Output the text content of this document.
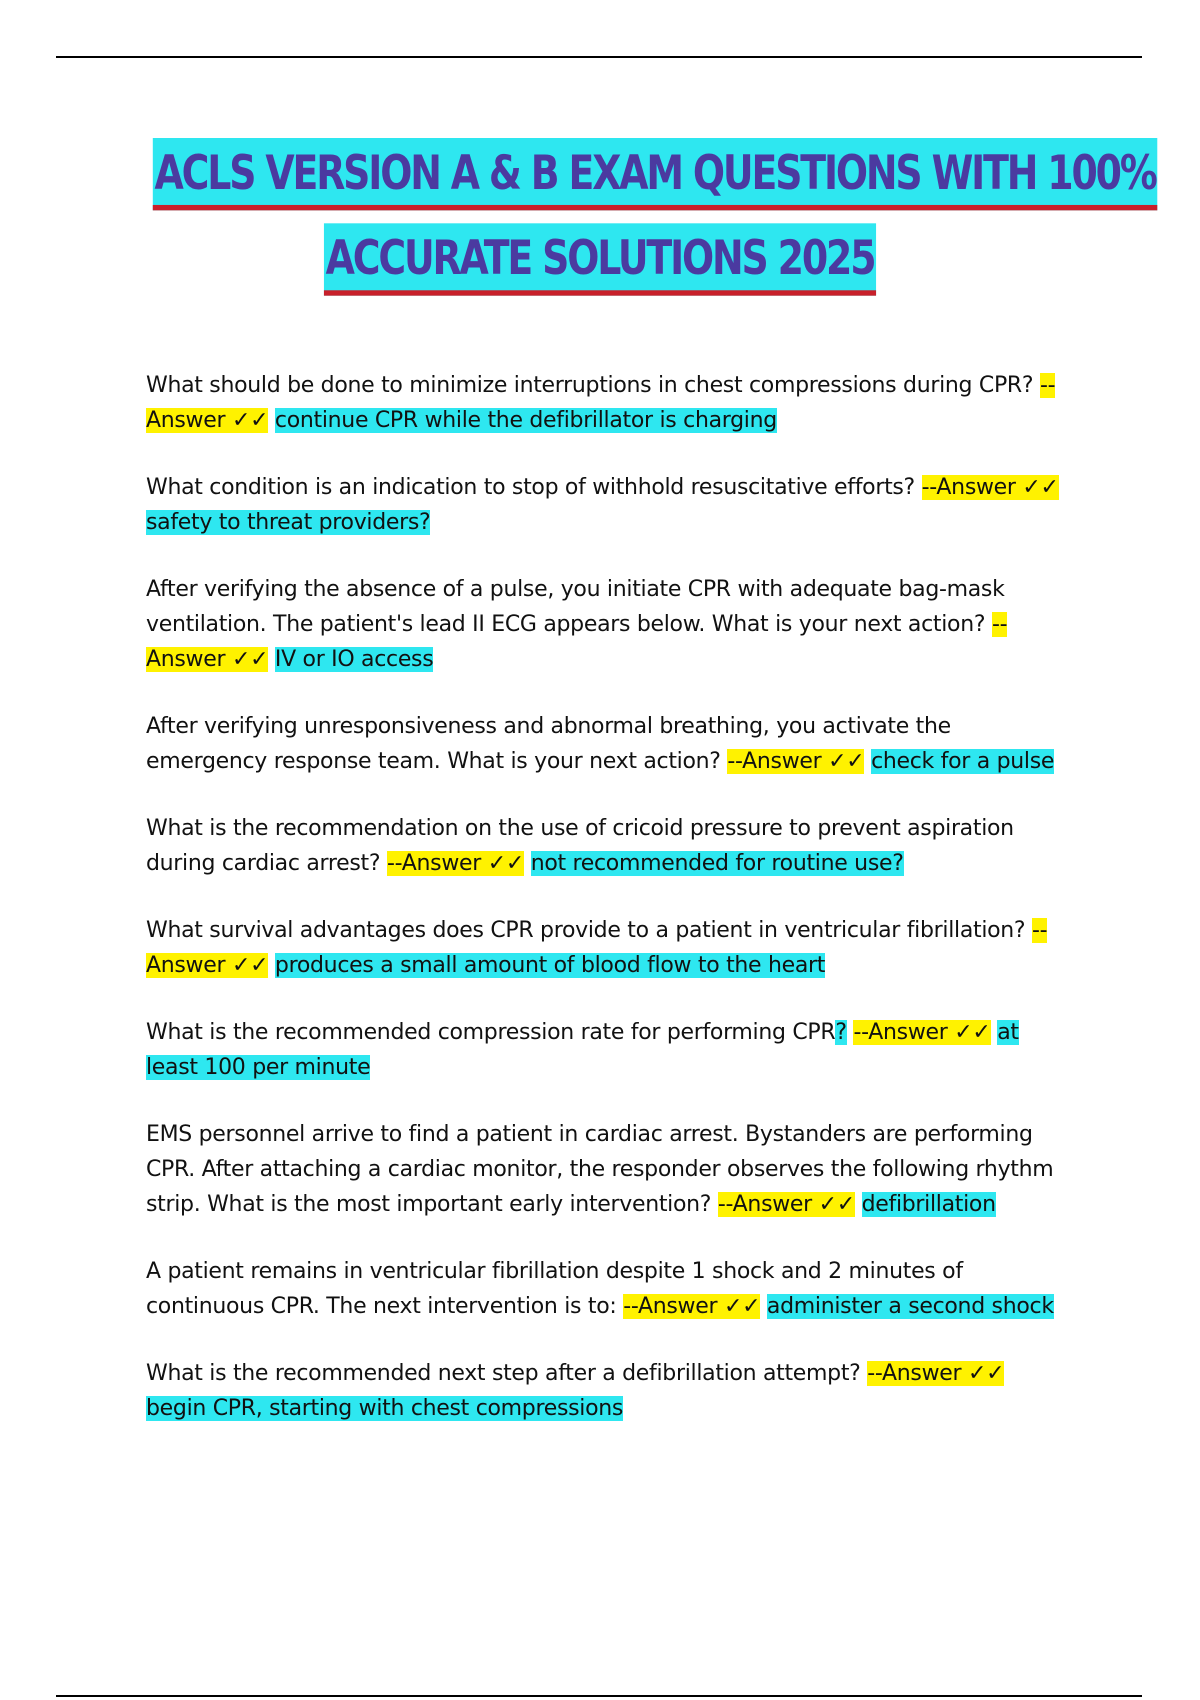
ACLS VERSION A & B EXAM QUESTIONS WITH 100%
ACCURATE SOLUTIONS 2025

What should be done to minimize interruptions in chest compressions during CPR? --Answer ✓✓ continue CPR while the defibrillator is charging

What condition is an indication to stop of withhold resuscitative efforts? --Answer ✓✓ safety to threat providers?

After verifying the absence of a pulse, you initiate CPR with adequate bag-mask ventilation. The patient's lead II ECG appears below. What is your next action? --Answer ✓✓ IV or IO access

After verifying unresponsiveness and abnormal breathing, you activate the emergency response team. What is your next action? --Answer ✓✓ check for a pulse

What is the recommendation on the use of cricoid pressure to prevent aspiration during cardiac arrest? --Answer ✓✓ not recommended for routine use?

What survival advantages does CPR provide to a patient in ventricular fibrillation? --Answer ✓✓ produces a small amount of blood flow to the heart

What is the recommended compression rate for performing CPR? --Answer ✓✓ at least 100 per minute

EMS personnel arrive to find a patient in cardiac arrest. Bystanders are performing CPR. After attaching a cardiac monitor, the responder observes the following rhythm strip. What is the most important early intervention? --Answer ✓✓ defibrillation

A patient remains in ventricular fibrillation despite 1 shock and 2 minutes of continuous CPR. The next intervention is to: --Answer ✓✓ administer a second shock

What is the recommended next step after a defibrillation attempt? --Answer ✓✓ begin CPR, starting with chest compressions
